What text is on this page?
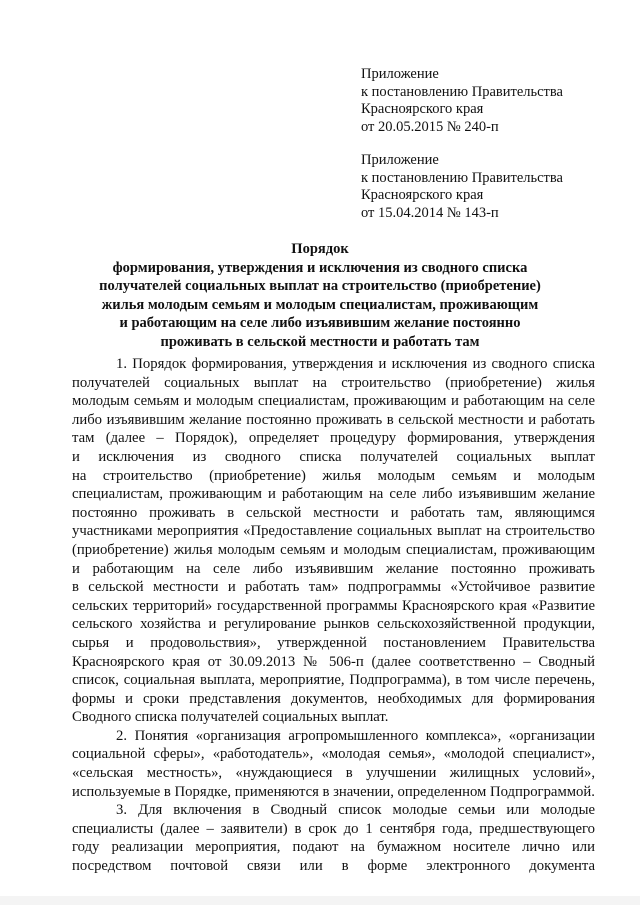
Приложение
к постановлению Правительства
Красноярского края
от 20.05.2015 № 240-п
Приложение
к постановлению Правительства
Красноярского края
от 15.04.2014 № 143-п
Порядок
формирования, утверждения и исключения из сводного списка
получателей социальных выплат на строительство (приобретение)
жилья молодым семьям и молодым специалистам, проживающим
и работающим на селе либо изъявившим желание постоянно
проживать в сельской местности и работать там
1. Порядок формирования, утверждения и исключения из сводного списка
получателей социальных выплат на строительство (приобретение) жилья
молодым семьям и молодым специалистам, проживающим и работающим на селе
либо изъявившим желание постоянно проживать в сельской местности и работать
там (далее – Порядок), определяет процедуру формирования, утверждения
и исключения из сводного списка получателей социальных выплат
на строительство (приобретение) жилья молодым семьям и молодым
специалистам, проживающим и работающим на селе либо изъявившим желание
постоянно проживать в сельской местности и работать там, являющимся
участниками мероприятия «Предоставление социальных выплат на строительство
(приобретение) жилья молодым семьям и молодым специалистам, проживающим
и работающим на селе либо изъявившим желание постоянно проживать
в сельской местности и работать там» подпрограммы «Устойчивое развитие
сельских территорий» государственной программы Красноярского края «Развитие
сельского хозяйства и регулирование рынков сельскохозяйственной продукции,
сырья и продовольствия», утвержденной постановлением Правительства
Красноярского края от 30.09.2013 № 506-п (далее соответственно – Сводный
список, социальная выплата, мероприятие, Подпрограмма), в том числе перечень,
формы и сроки представления документов, необходимых для формирования
Сводного списка получателей социальных выплат.
2. Понятия «организация агропромышленного комплекса», «организации
социальной сферы», «работодатель», «молодая семья», «молодой специалист»,
«сельская местность», «нуждающиеся в улучшении жилищных условий»,
используемые в Порядке, применяются в значении, определенном Подпрограммой.
3. Для включения в Сводный список молодые семьи или молодые
специалисты (далее – заявители) в срок до 1 сентября года, предшествующего
году реализации мероприятия, подают на бумажном носителе лично или
посредством почтовой связи или в форме электронного документа
